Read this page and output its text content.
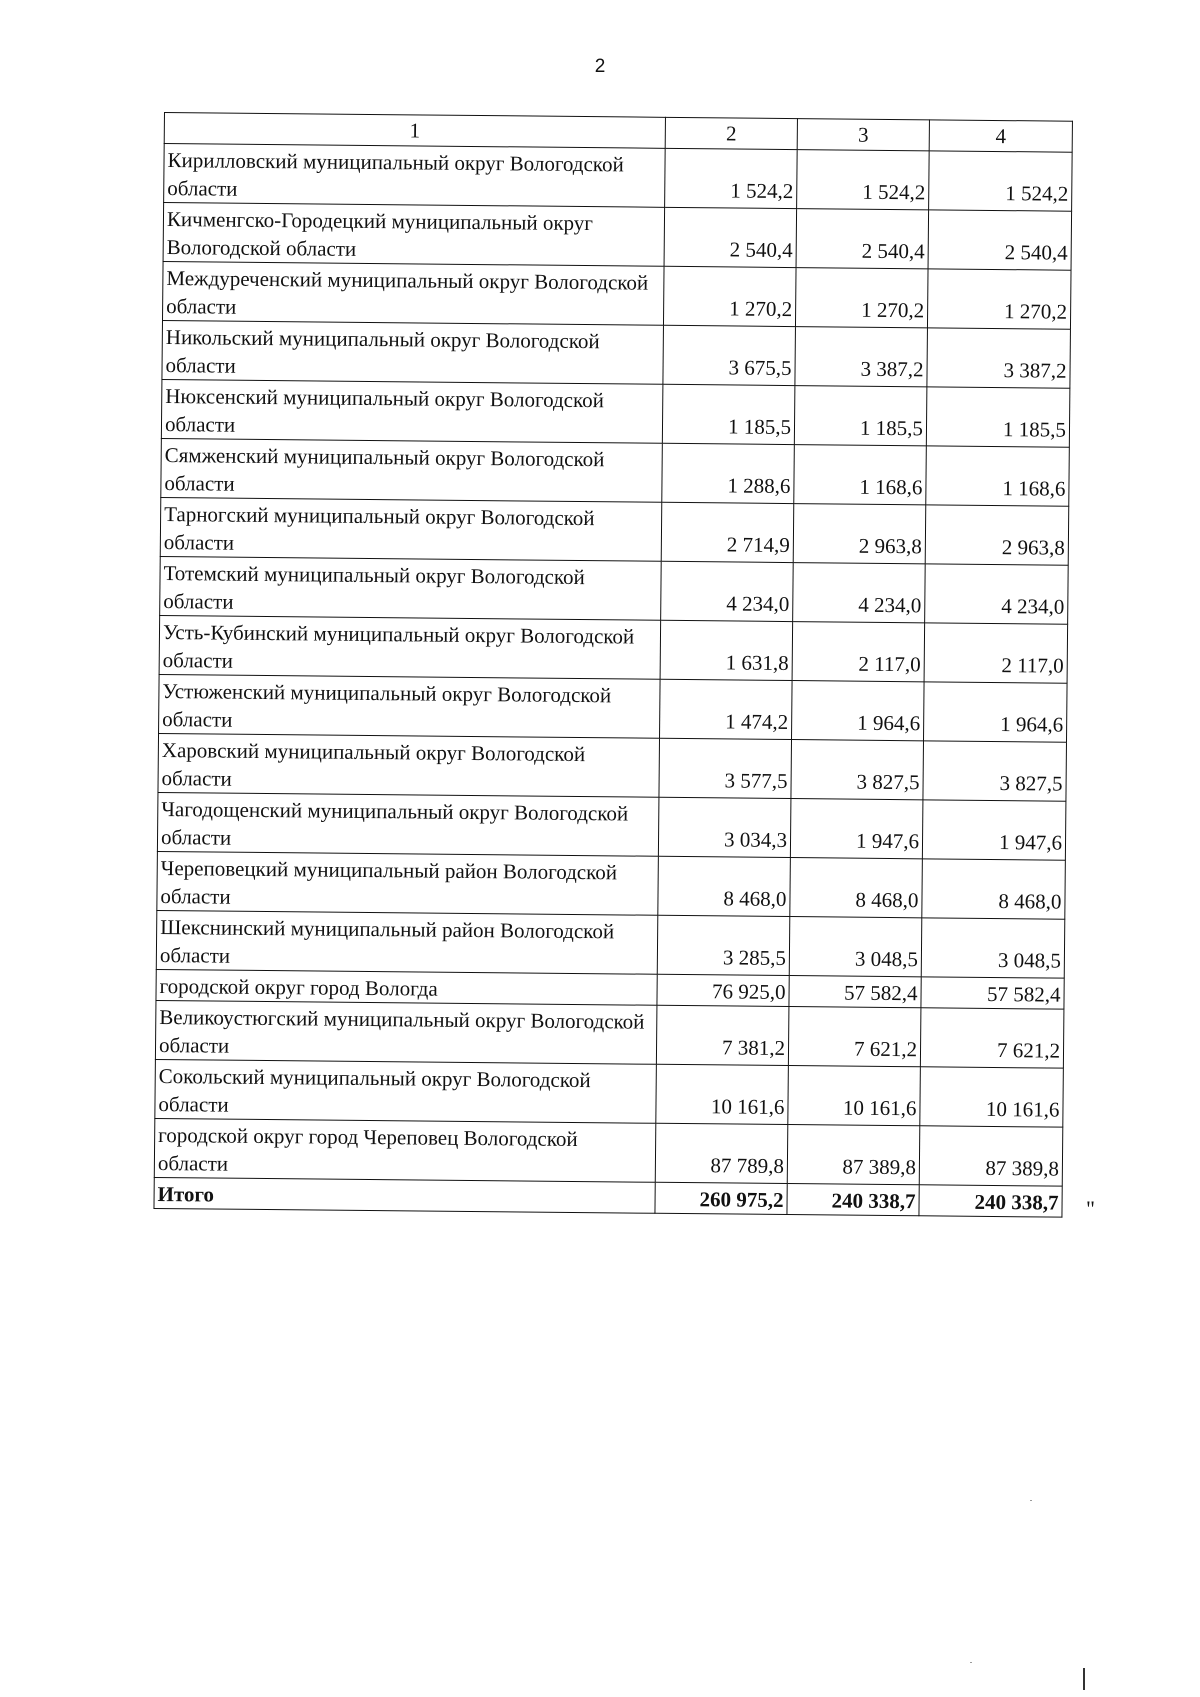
2
1	2	3	4
Кирилловский муниципальный округ Вологодской области	1 524,2	1 524,2	1 524,2
Кичменгско-Городецкий муниципальный округ Вологодской области	2 540,4	2 540,4	2 540,4
Междуреченский муниципальный округ Вологодской области	1 270,2	1 270,2	1 270,2
Никольский муниципальный округ Вологодской области	3 675,5	3 387,2	3 387,2
Нюксенский муниципальный округ Вологодской области	1 185,5	1 185,5	1 185,5
Сямженский муниципальный округ Вологодской области	1 288,6	1 168,6	1 168,6
Тарногский муниципальный округ Вологодской области	2 714,9	2 963,8	2 963,8
Тотемский муниципальный округ Вологодской области	4 234,0	4 234,0	4 234,0
Усть-Кубинский муниципальный округ Вологодской области	1 631,8	2 117,0	2 117,0
Устюженский муниципальный округ Вологодской области	1 474,2	1 964,6	1 964,6
Харовский муниципальный округ Вологодской области	3 577,5	3 827,5	3 827,5
Чагодощенский муниципальный округ Вологодской области	3 034,3	1 947,6	1 947,6
Череповецкий муниципальный район Вологодской области	8 468,0	8 468,0	8 468,0
Шекснинский муниципальный район Вологодской области	3 285,5	3 048,5	3 048,5
городской округ город Вологда	76 925,0	57 582,4	57 582,4
Великоустюгский муниципальный округ Вологодской области	7 381,2	7 621,2	7 621,2
Сокольский муниципальный округ Вологодской области	10 161,6	10 161,6	10 161,6
городской округ город Череповец Вологодской области	87 789,8	87 389,8	87 389,8
Итого	260 975,2	240 338,7	240 338,7 "
